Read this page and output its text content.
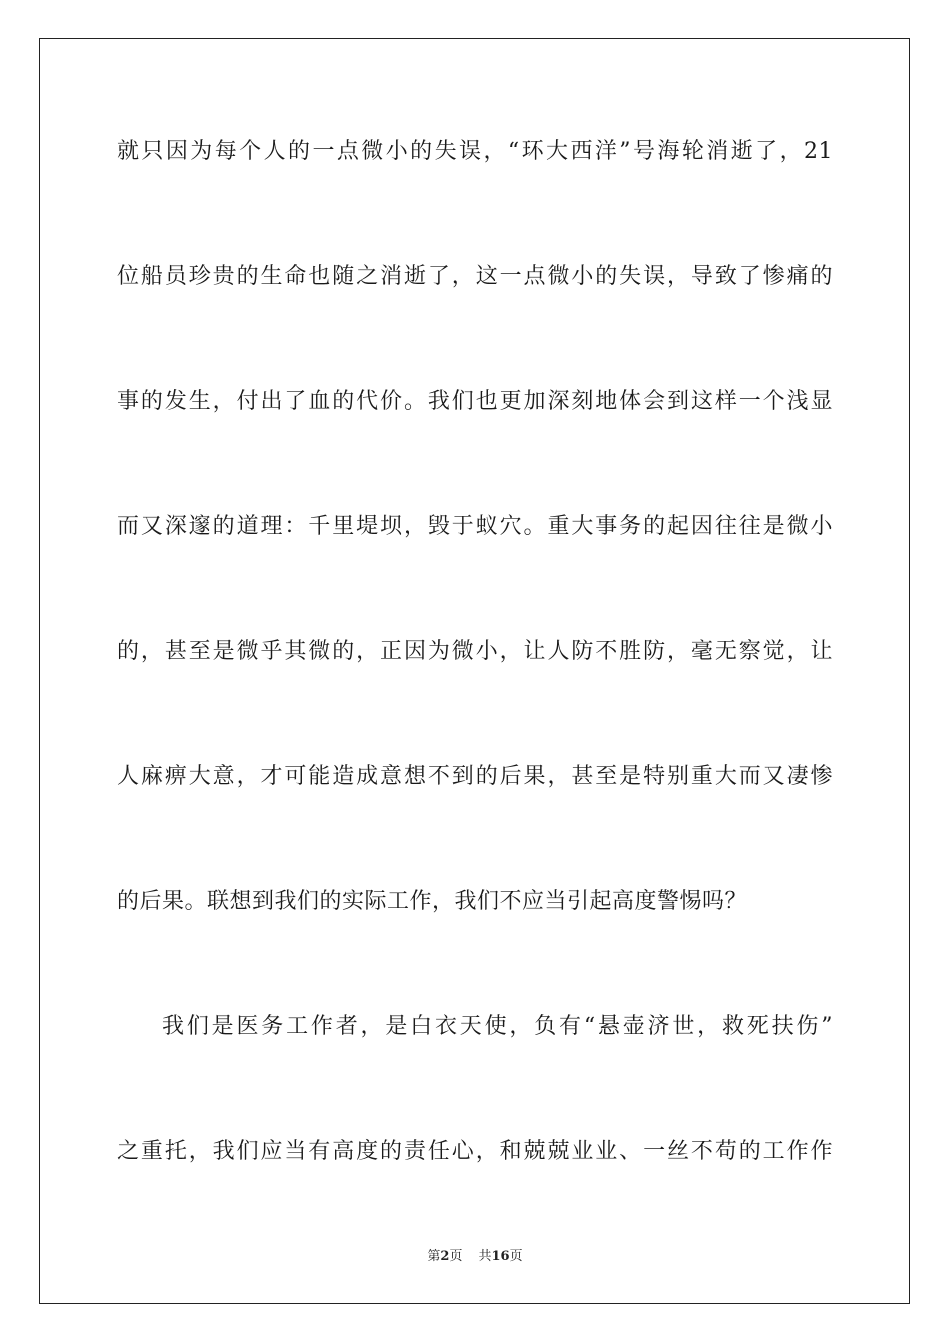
就只因为每个人的一点微小的失误，“环大西洋”号海轮消逝了，21
位船员珍贵的生命也随之消逝了，这一点微小的失误，导致了惨痛的
事的发生，付出了血的代价。我们也更加深刻地体会到这样一个浅显
而又深邃的道理：千里堤坝，毁于蚁穴。重大事务的起因往往是微小
的，甚至是微乎其微的，正因为微小，让人防不胜防，毫无察觉，让
人麻痹大意，才可能造成意想不到的后果，甚至是特别重大而又凄惨
的后果。联想到我们的实际工作，我们不应当引起高度警惕吗？
我们是医务工作者，是白衣天使，负有“悬壶济世，救死扶伤”
之重托，我们应当有高度的责任心，和兢兢业业、一丝不苟的工作作
第2页 共16页
